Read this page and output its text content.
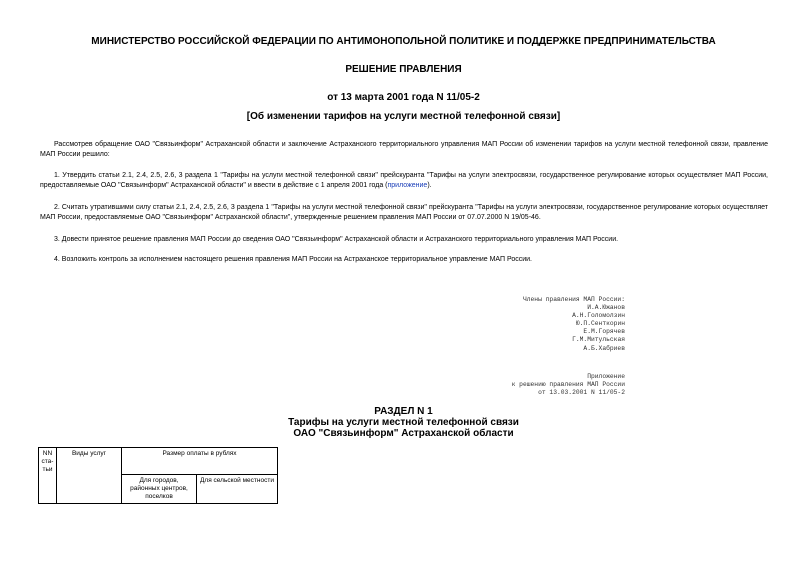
МИНИСТЕРСТВО РОССИЙСКОЙ ФЕДЕРАЦИИ ПО АНТИМОНОПОЛЬНОЙ ПОЛИТИКЕ И ПОДДЕРЖКЕ ПРЕДПРИНИМАТЕЛЬСТВА
РЕШЕНИЕ ПРАВЛЕНИЯ
от 13 марта 2001 года N 11/05-2
[Об изменении тарифов на услуги местной телефонной связи]
Рассмотрев обращение ОАО "Связьинформ" Астраханской области и заключение Астраханского территориального управления МАП России об изменении тарифов на услуги местной телефонной связи, правление МАП России решило:
1. Утвердить статьи 2.1, 2.4, 2.5, 2.6, 3 раздела 1 "Тарифы на услуги местной телефонной связи" прейскуранта "Тарифы на услуги электросвязи, государственное регулирование которых осуществляет МАП России, предоставляемые ОАО "Связьинформ" Астраханской области" и ввести в действие с 1 апреля 2001 года (приложение).
2. Считать утратившими силу статьи 2.1, 2.4, 2.5, 2.6, 3 раздела 1 "Тарифы на услуги местной телефонной связи" прейскуранта "Тарифы на услуги электросвязи, государственное регулирование которых осуществляет МАП России, предоставляемые ОАО "Связьинформ" Астраханской области", утвержденные решением правления МАП России от 07.07.2000 N 19/05-46.
3. Довести принятое решение правления МАП России до сведения ОАО "Связьинформ" Астраханской области и Астраханского территориального управления МАП России.
4. Возложить контроль за исполнением настоящего решения правления МАП России на Астраханское территориальное управление МАП России.
Члены правления МАП России:
И.А.Южанов
А.Н.Голомолзин
Ю.П.Сенткорин
Е.М.Горячев
Г.М.Митульская
А.Б.Хабриев
Приложение
к решению правления МАП России
от 13.03.2001 N 11/05-2
РАЗДЕЛ N 1
Тарифы на услуги местной телефонной связи
ОАО "Связьинформ" Астраханской области
NN ста- тьи	Виды услуг	Размер оплаты в рублях	
		Для городов, районных центров, поселков	Для сельской местности
